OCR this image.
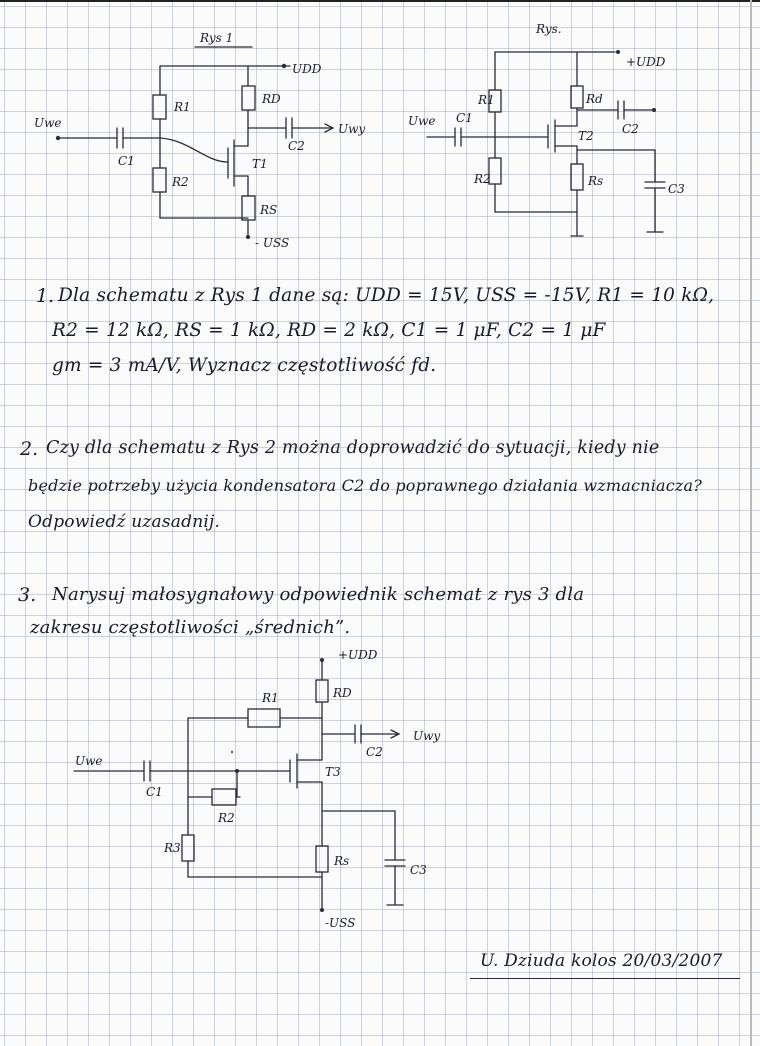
Rys 1
UDD
R1
R2
Uwe
C1	T1
RD
C2
Uwy
RS
- USS
Rys.
+UDD
R1
Uwe C1
T2
Rd
C2
R2	Rs
C3
1. Dla schematu z Rys 1 dane są: UDD = 15V, USS = -15V, R1 = 10 kΩ,
R2 = 12 kΩ, RS = 1 kΩ, RD = 2 kΩ, C1 = 1 μF, C2 = 1 μF
gm = 3 mA/V, Wyznacz częstotliwość fd.
2. Czy dla schematu z Rys 2 można doprowadzić do sytuacji, kiedy nie
będzie potrzeby użycia kondensatora C2 do poprawnego działania wzmacniacza?
Odpowiedź uzasadnij.
3. Narysuj małosygnałowy odpowiednik schemat z rys 3 dla
zakresu częstotliwości „średnich”.
+UDD
RD
R1
C2
Uwy
Uwe
C1
T3
R2
R3
C3
Rs
-USS
U. Dziuda kolos 20/03/2007
